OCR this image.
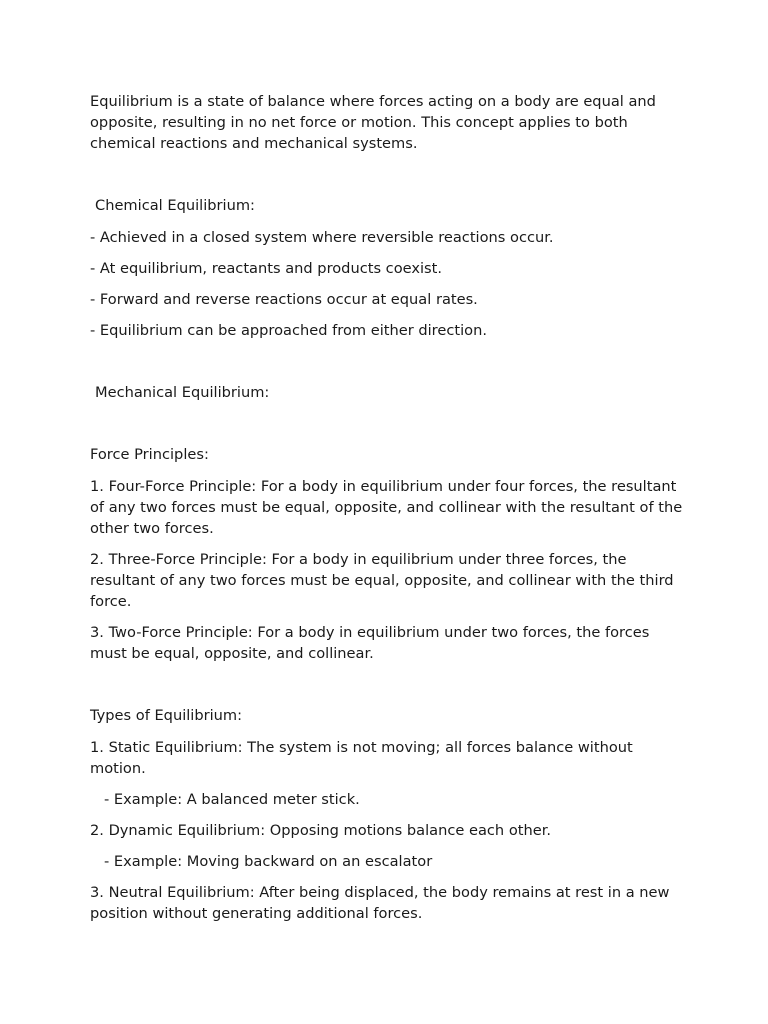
Equilibrium is a state of balance where forces acting on a body are equal and opposite, resulting in no net force or motion. This concept applies to both chemical reactions and mechanical systems.

Chemical Equilibrium:

- Achieved in a closed system where reversible reactions occur.

- At equilibrium, reactants and products coexist.

- Forward and reverse reactions occur at equal rates.

- Equilibrium can be approached from either direction.

Mechanical Equilibrium:

Force Principles:

1. Four-Force Principle: For a body in equilibrium under four forces, the resultant of any two forces must be equal, opposite, and collinear with the resultant of the other two forces.

2. Three-Force Principle: For a body in equilibrium under three forces, the resultant of any two forces must be equal, opposite, and collinear with the third force.

3. Two-Force Principle: For a body in equilibrium under two forces, the forces must be equal, opposite, and collinear.

Types of Equilibrium:

1. Static Equilibrium: The system is not moving; all forces balance without motion.

- Example: A balanced meter stick.

2. Dynamic Equilibrium: Opposing motions balance each other.

- Example: Moving backward on an escalator

3. Neutral Equilibrium: After being displaced, the body remains at rest in a new position without generating additional forces.
